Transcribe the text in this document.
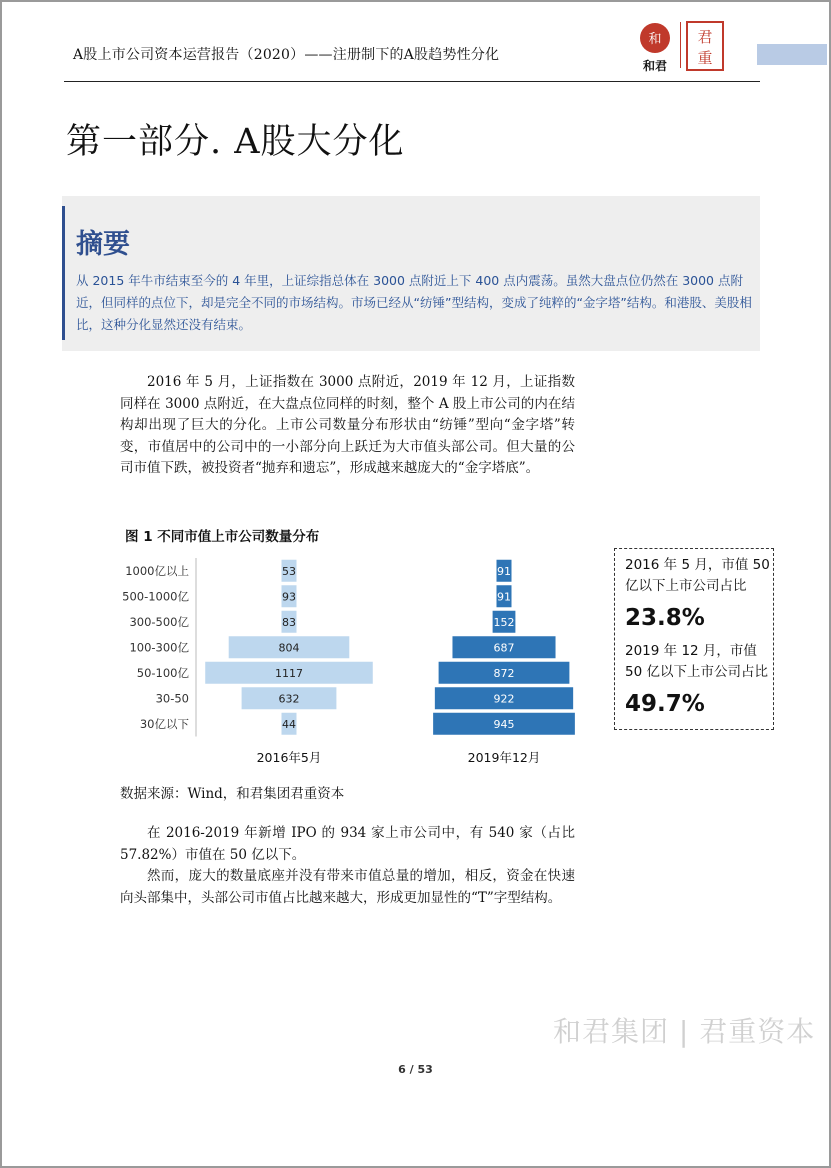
A股上市公司资本运营报告（2020）——注册制下的A股趋势性分化
和
和君
君
重
第一部分. A股大分化
摘要
从 2015 年牛市结束至今的 4 年里，上证综指总体在 3000 点附近上下 400 点内震荡。虽然大盘点位仍然在 3000 点附近，但同样的点位下，却是完全不同的市场结构。市场已经从“纺锤”型结构，变成了纯粹的“金字塔”结构。和港股、美股相比，这种分化显然还没有结束。
2016 年 5 月，上证指数在 3000 点附近，2019 年 12 月，上证指数同样在 3000 点附近，在大盘点位同样的时刻，整个 A 股上市公司的内在结构却出现了巨大的分化。上市公司数量分布形状由“纺锤”型向“金字塔”转变，市值居中的公司中的一小部分向上跃迁为大市值头部公司。但大量的公司市值下跌，被投资者“抛弃和遗忘”，形成越来越庞大的“金字塔底”。
图 1 不同市值上市公司数量分布
1000亿以上
500-1000亿
300-500亿
100-300亿
50-100亿
30-50
30亿以下
53
93
83
804
1117
632
44
2016年5月
91
91
152
687
872
922
945
2019年12月
2016 年 5 月，市值 50 亿以下上市公司占比
23.8%
2019 年 12 月，市值 50 亿以下上市公司占比
49.7%
数据来源：Wind，和君集团君重资本
在 2016-2019 年新增 IPO 的 934 家上市公司中，有 540 家（占比 57.82%）市值在 50 亿以下。
然而，庞大的数量底座并没有带来市值总量的增加，相反，资金在快速向头部集中，头部公司市值占比越来越大，形成更加显性的“T”字型结构。
和君集团 | 君重资本
6 / 53
